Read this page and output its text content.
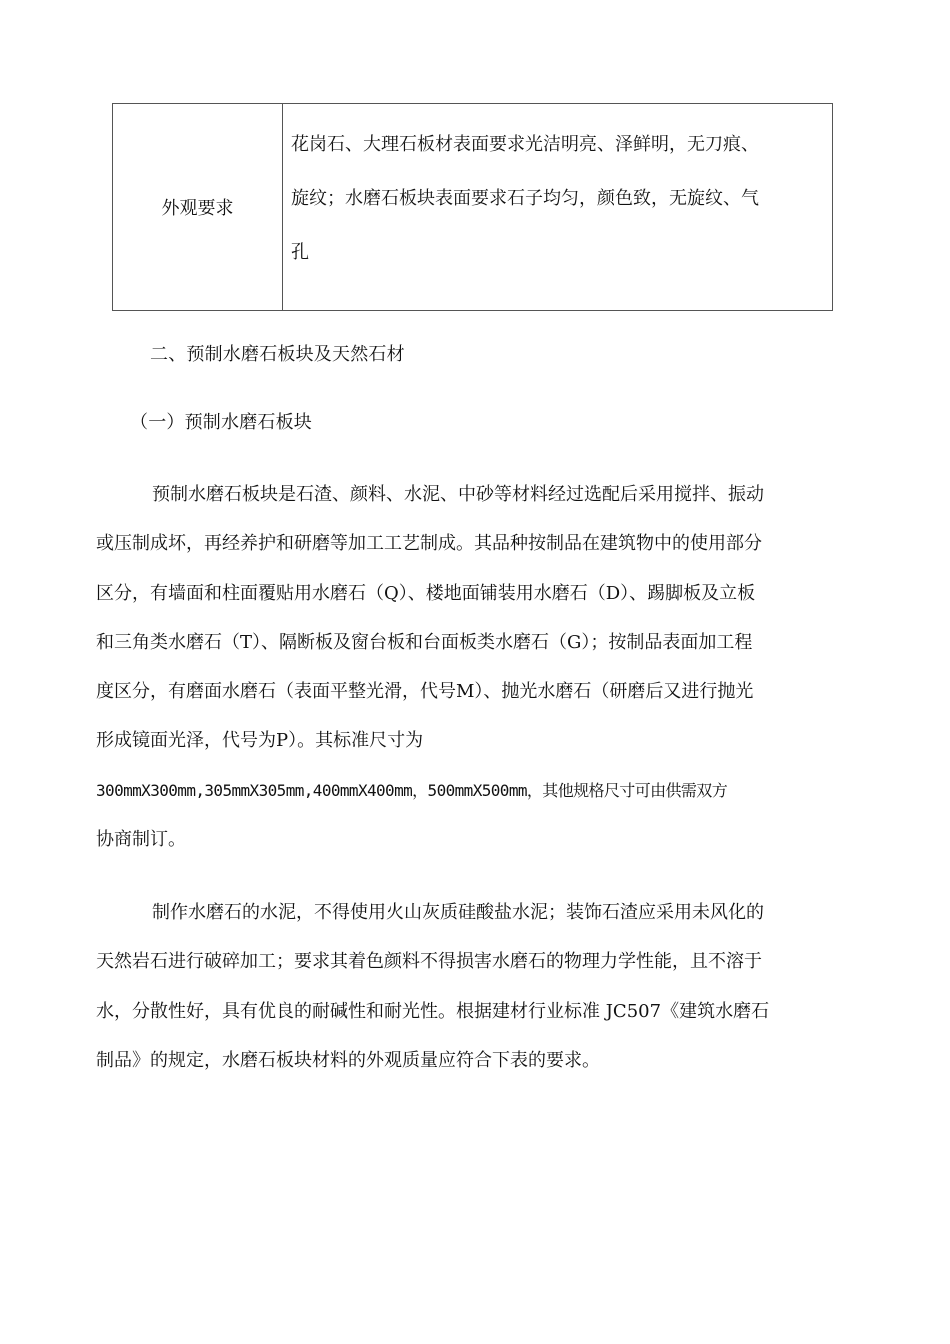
外观要求
花岗石、大理石板材表面要求光洁明亮、泽鲜明，无刀痕、
旋纹；水磨石板块表面要求石子均匀，颜色致，无旋纹、气
孔
二、预制水磨石板块及天然石材
（一）预制水磨石板块
预制水磨石板块是石渣、颜料、水泥、中砂等材料经过选配后采用搅拌、振动
或压制成坏，再经养护和研磨等加工工艺制成。其品种按制品在建筑物中的使用部分
区分，有墙面和柱面覆贴用水磨石（Q）、楼地面铺装用水磨石（D）、踢脚板及立板
和三角类水磨石（T）、隔断板及窗台板和台面板类水磨石（G）；按制品表面加工程
度区分，有磨面水磨石（表面平整光滑，代号M）、抛光水磨石（研磨后又进行抛光
形成镜面光泽，代号为P）。其标准尺寸为
300mmX300mm,305mmX305mm,400mmX400mm，500mmX500mm，其他规格尺寸可由供需双方
协商制订。
制作水磨石的水泥，不得使用火山灰质硅酸盐水泥；装饰石渣应采用未风化的
天然岩石进行破碎加工；要求其着色颜料不得损害水磨石的物理力学性能，且不溶于
水，分散性好，具有优良的耐碱性和耐光性。根据建材行业标准 JC507《建筑水磨石
制品》的规定，水磨石板块材料的外观质量应符合下表的要求。
